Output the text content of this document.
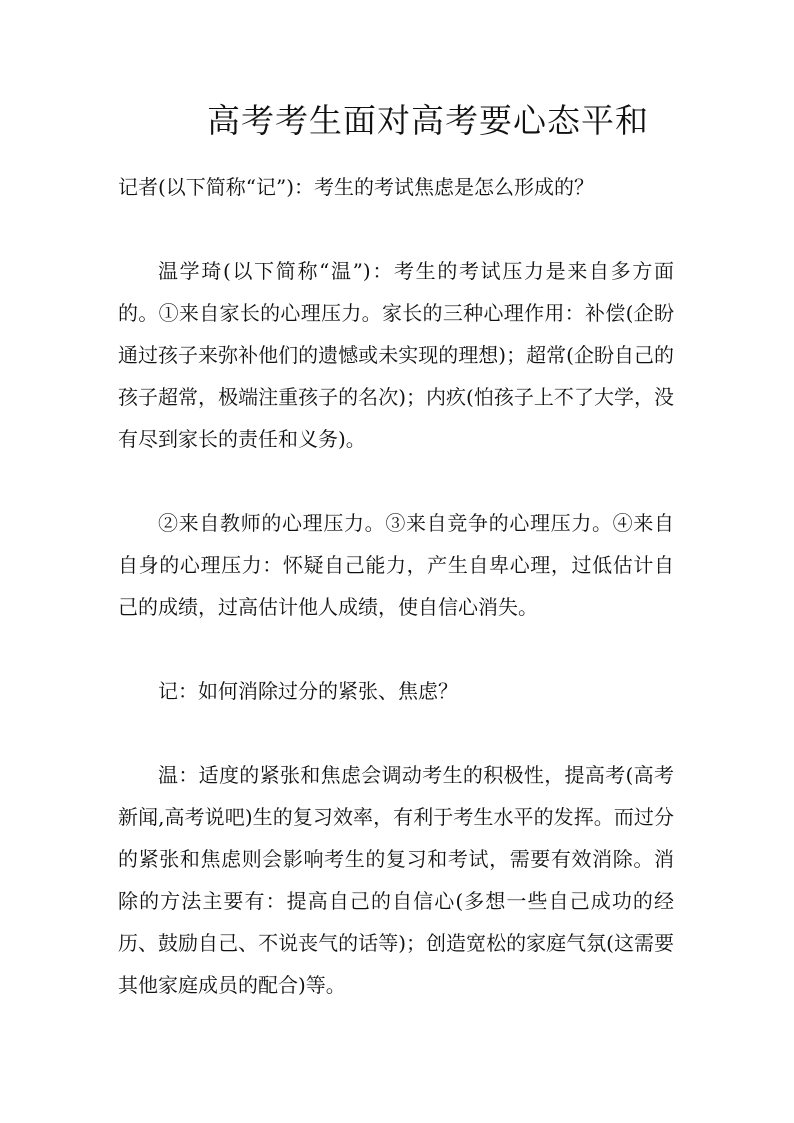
高考考生面对高考要心态平和

记者(以下简称“记”)：考生的考试焦虑是怎么形成的？

温学琦(以下简称“温”)：考生的考试压力是来自多方面的。①来自家长的心理压力。家长的三种心理作用：补偿(企盼通过孩子来弥补他们的遗憾或未实现的理想)；超常(企盼自己的孩子超常，极端注重孩子的名次)；内疚(怕孩子上不了大学，没有尽到家长的责任和义务)。

②来自教师的心理压力。③来自竞争的心理压力。④来自自身的心理压力：怀疑自己能力，产生自卑心理，过低估计自己的成绩，过高估计他人成绩，使自信心消失。

记：如何消除过分的紧张、焦虑？

温：适度的紧张和焦虑会调动考生的积极性，提高考(高考新闻,高考说吧)生的复习效率，有利于考生水平的发挥。而过分的紧张和焦虑则会影响考生的复习和考试，需要有效消除。消除的方法主要有：提高自己的自信心(多想一些自己成功的经历、鼓励自己、不说丧气的话等)；创造宽松的家庭气氛(这需要其他家庭成员的配合)等。
